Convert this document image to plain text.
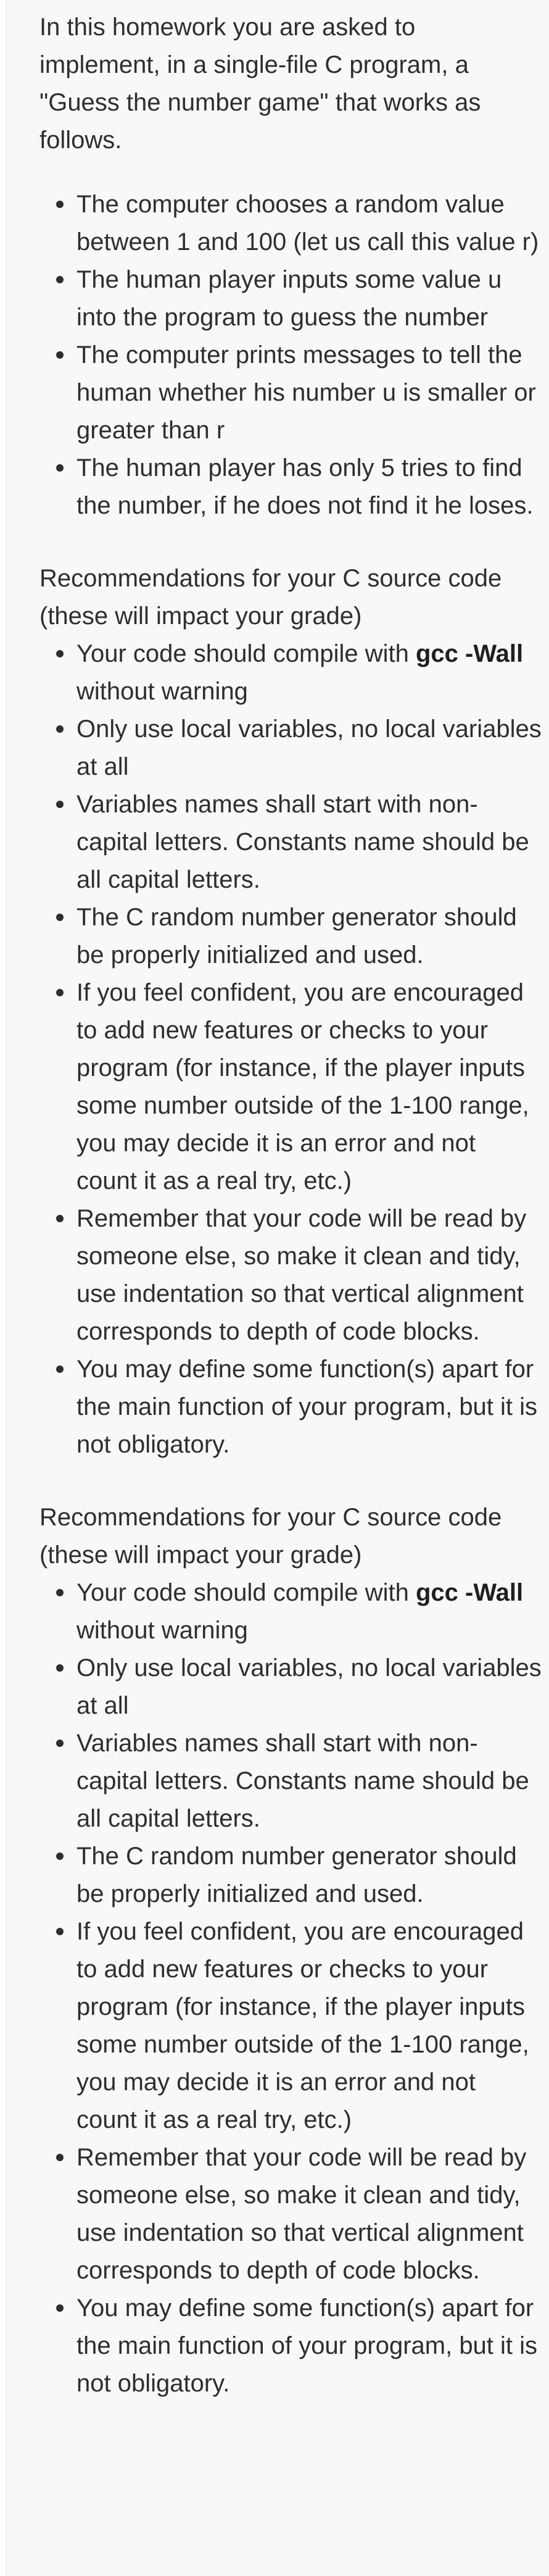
In this homework you are asked to implement, in a single-file C program, a "Guess the number game" that works as follows.

The computer chooses a random value between 1 and 100 (let us call this value r)
The human player inputs some value u into the program to guess the number
The computer prints messages to tell the human whether his number u is smaller or greater than r
The human player has only 5 tries to find the number, if he does not find it he loses.

Recommendations for your C source code (these will impact your grade)

Your code should compile with gcc -Wall without warning
Only use local variables, no local variables at all
Variables names shall start with non-capital letters. Constants name should be all capital letters.
The C random number generator should be properly initialized and used.
If you feel confident, you are encouraged to add new features or checks to your program (for instance, if the player inputs some number outside of the 1-100 range, you may decide it is an error and not count it as a real try, etc.)
Remember that your code will be read by someone else, so make it clean and tidy, use indentation so that vertical alignment corresponds to depth of code blocks.
You may define some function(s) apart for the main function of your program, but it is not obligatory.

Recommendations for your C source code (these will impact your grade)

Your code should compile with gcc -Wall without warning
Only use local variables, no local variables at all
Variables names shall start with non-capital letters. Constants name should be all capital letters.
The C random number generator should be properly initialized and used.
If you feel confident, you are encouraged to add new features or checks to your program (for instance, if the player inputs some number outside of the 1-100 range, you may decide it is an error and not count it as a real try, etc.)
Remember that your code will be read by someone else, so make it clean and tidy, use indentation so that vertical alignment corresponds to depth of code blocks.
You may define some function(s) apart for the main function of your program, but it is not obligatory.
